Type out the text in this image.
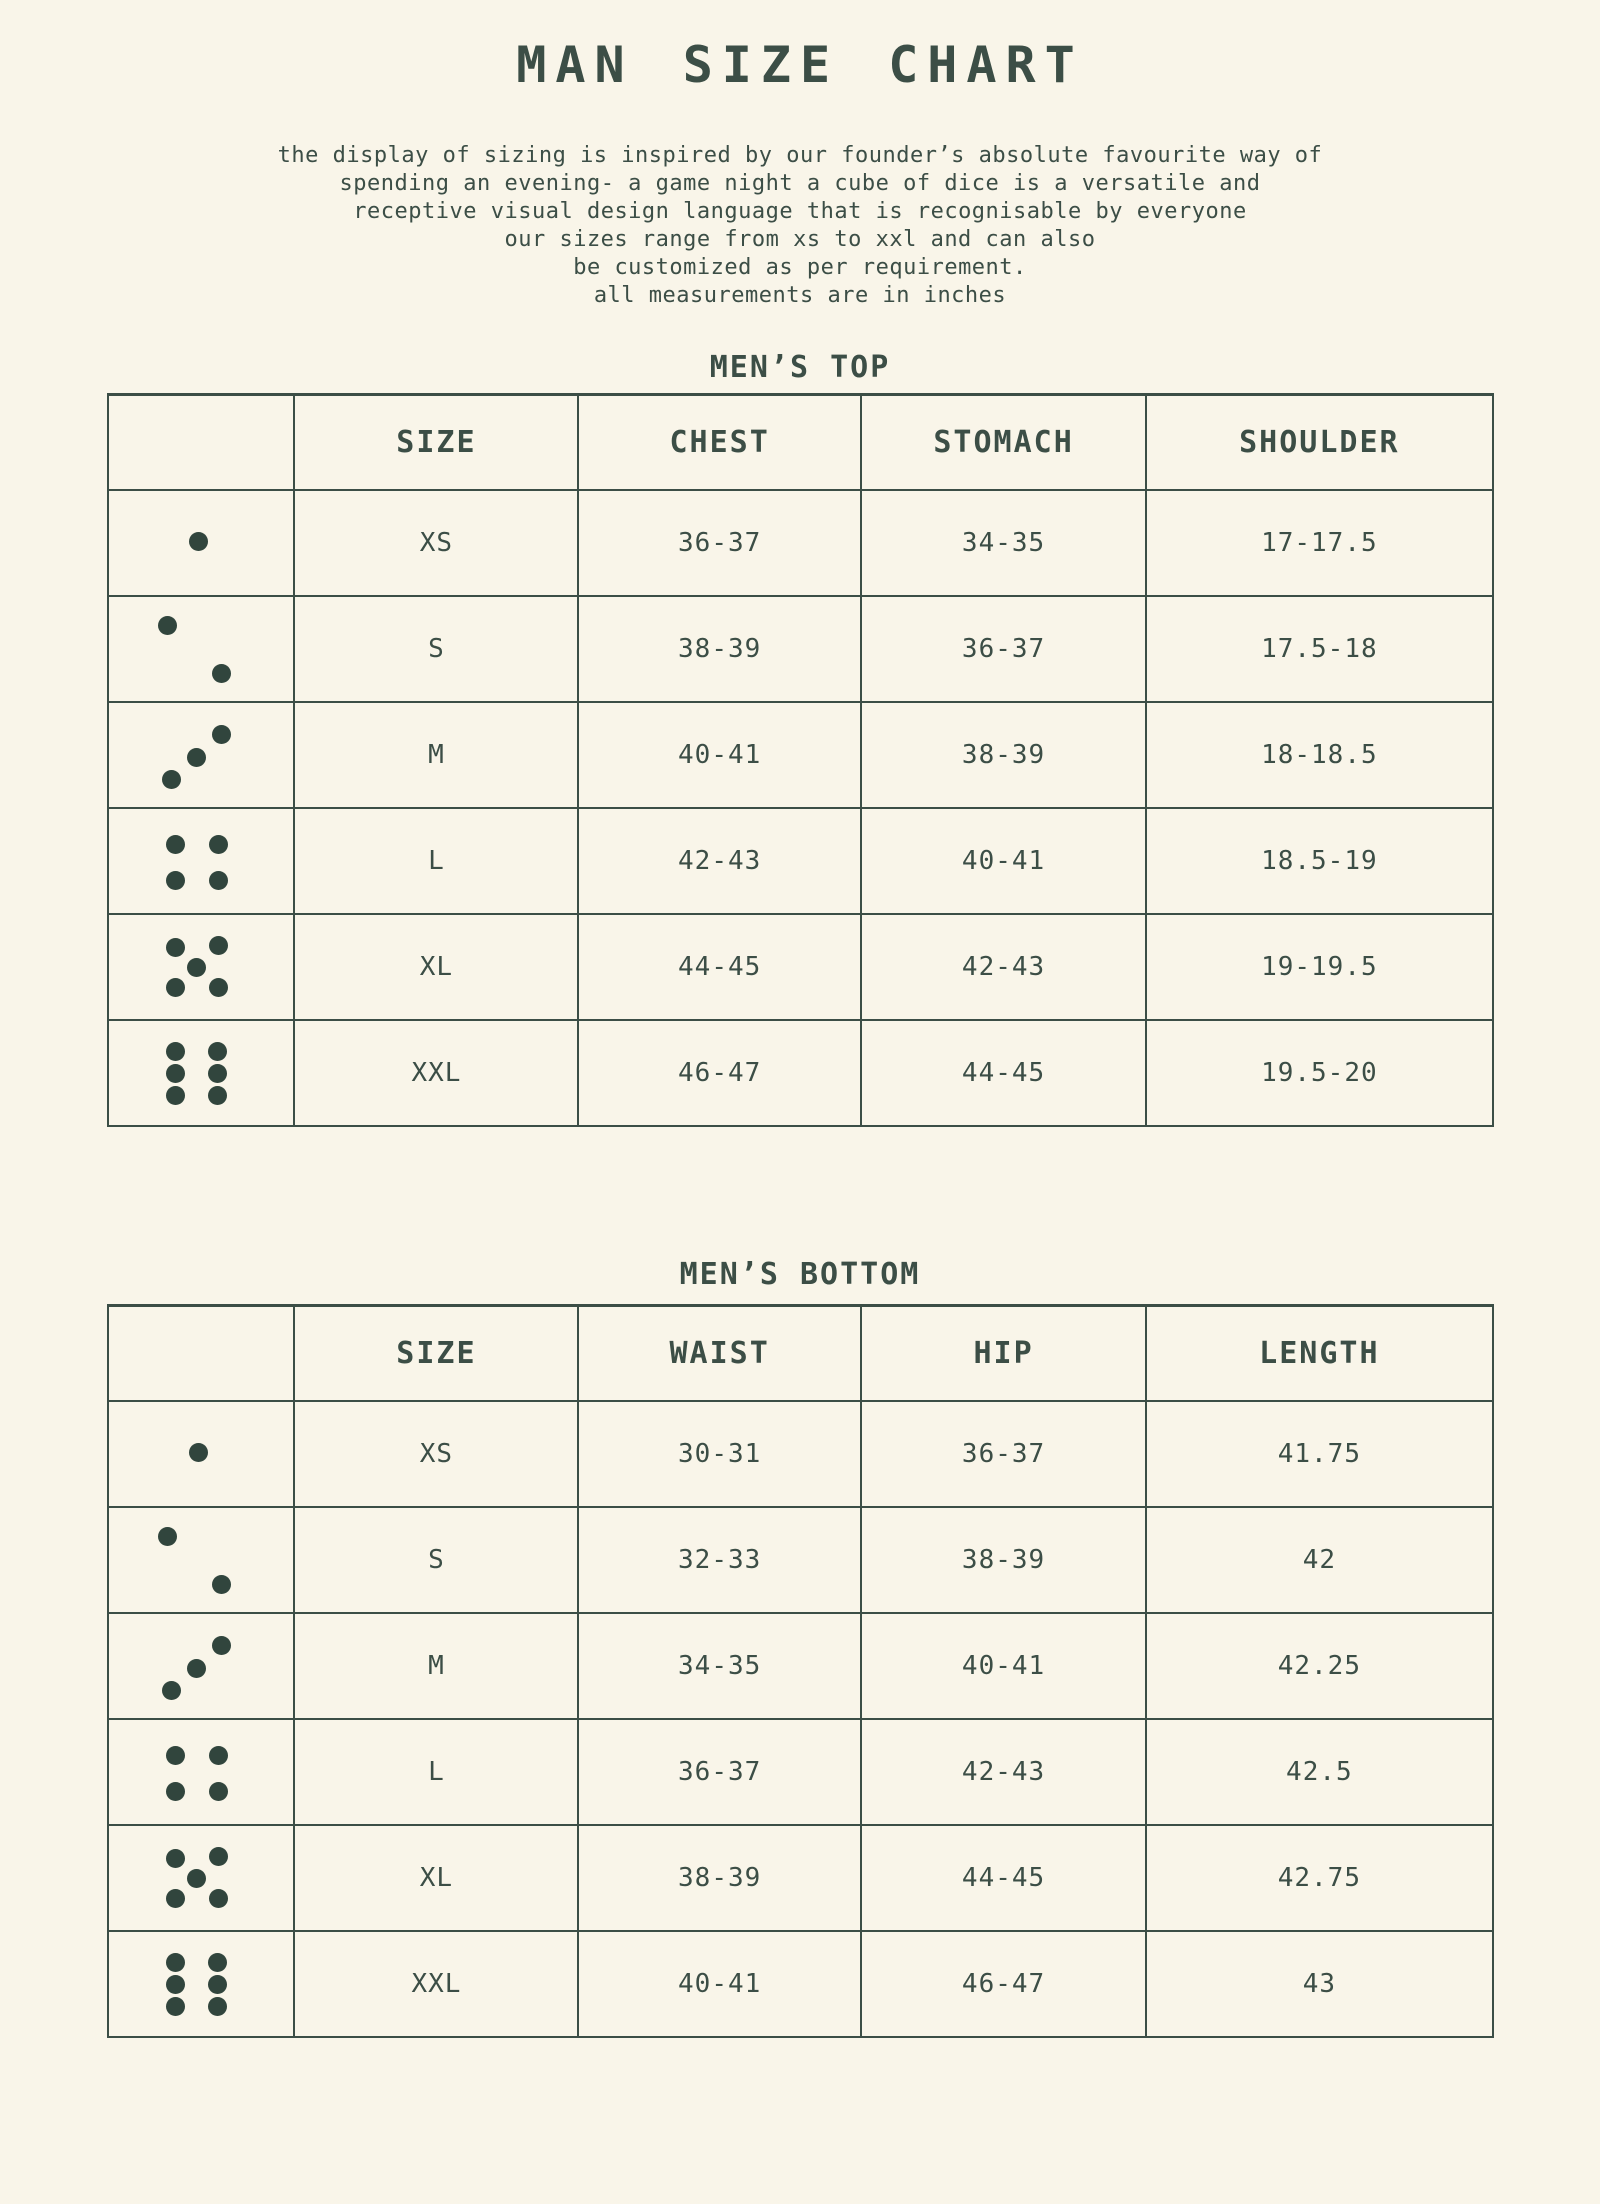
MAN SIZE CHART
the display of sizing is inspired by our founder’s absolute favourite way of
spending an evening- a game night a cube of dice is a versatile and
receptive visual design language that is recognisable by everyone
our sizes range from xs to xxl and can also
be customized as per requirement.
all measurements are in inches
MEN’S TOP
	SIZE	CHEST	STOMACH	SHOULDER

	XS	36-37	34-35	17-17.5

	S	38-39	36-37	17.5-18

	M	40-41	38-39	18-18.5

	L	42-43	40-41	18.5-19

	XL	44-45	42-43	19-19.5

	XXL	46-47	44-45	19.5-20
MEN’S BOTTOM
	SIZE	WAIST	HIP	LENGTH

	XS	30-31	36-37	41.75

	S	32-33	38-39	42

	M	34-35	40-41	42.25

	L	36-37	42-43	42.5

	XL	38-39	44-45	42.75

	XXL	40-41	46-47	43
